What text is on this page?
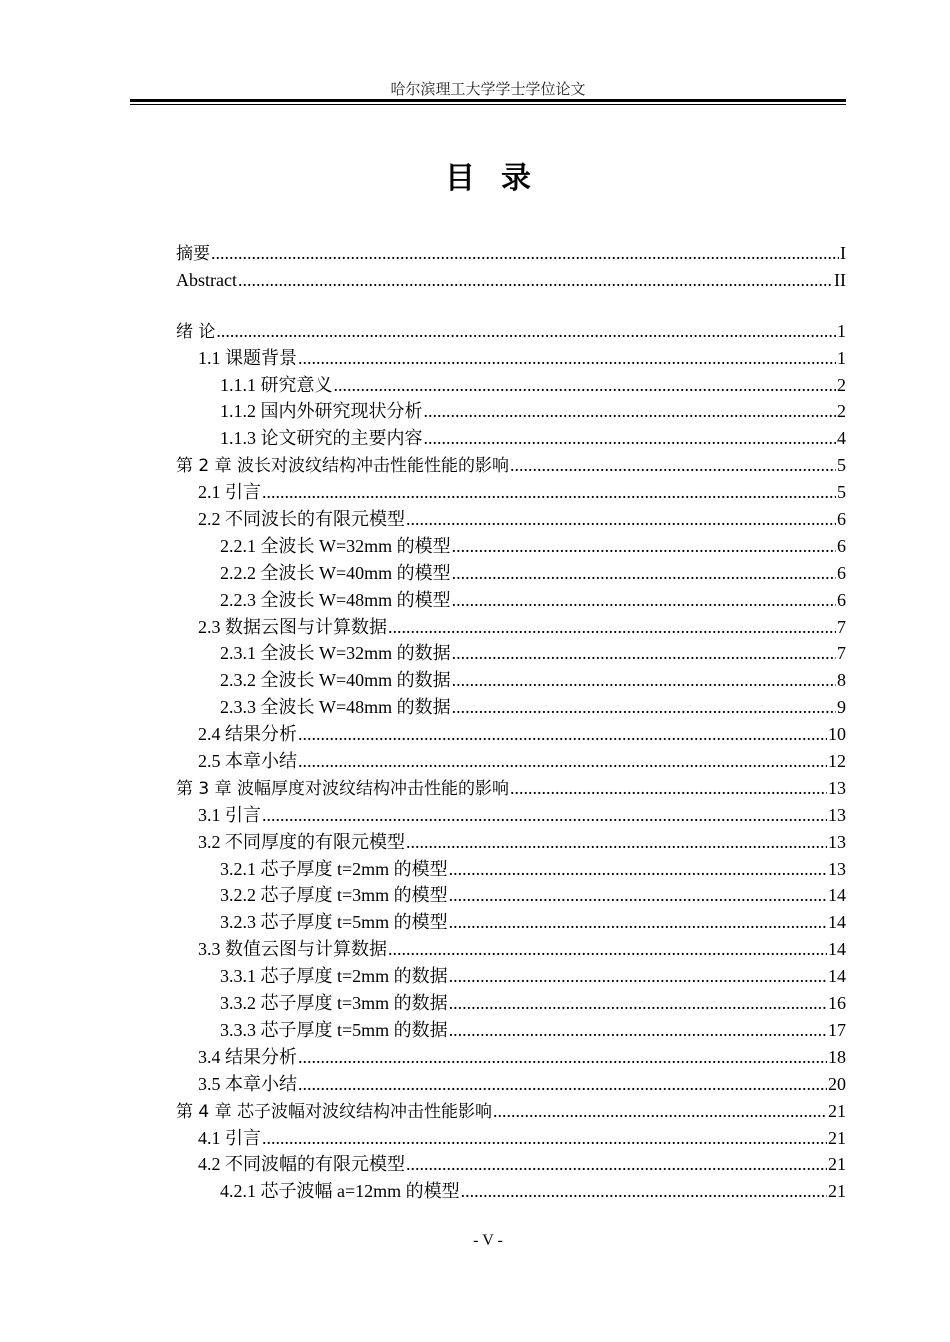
哈尔滨理工大学学士学位论文
目录
摘要 .....	I
Abstract .....	II
绪 论 .....	1
1.1 课题背景 .....	1
1.1.1 研究意义 .....	2
1.1.2 国内外研究现状分析 .....	2
1.1.3 论文研究的主要内容 .....	4
第 2 章 波长对波纹结构冲击性能性能的影响 .....	5
2.1 引言 .....	5
2.2 不同波长的有限元模型 .....	6
2.2.1 全波长 W=32mm 的模型 .....	6
2.2.2 全波长 W=40mm 的模型 .....	6
2.2.3 全波长 W=48mm 的模型 .....	6
2.3 数据云图与计算数据 .....	7
2.3.1 全波长 W=32mm 的数据 .....	7
2.3.2 全波长 W=40mm 的数据 .....	8
2.3.3 全波长 W=48mm 的数据 .....	9
2.4 结果分析 .....	10
2.5 本章小结 .....	12
第 3 章 波幅厚度对波纹结构冲击性能的影响 .....	13
3.1 引言 .....	13
3.2 不同厚度的有限元模型 .....	13
3.2.1 芯子厚度 t=2mm 的模型 .....	13
3.2.2 芯子厚度 t=3mm 的模型 .....	14
3.2.3 芯子厚度 t=5mm 的模型 .....	14
3.3 数值云图与计算数据 .....	14
3.3.1 芯子厚度 t=2mm 的数据 .....	14
3.3.2 芯子厚度 t=3mm 的数据 .....	16
3.3.3 芯子厚度 t=5mm 的数据 .....	17
3.4 结果分析 .....	18
3.5 本章小结 .....	20
第 4 章 芯子波幅对波纹结构冲击性能影响 .....	21
4.1 引言 .....	21
4.2 不同波幅的有限元模型 .....	21
4.2.1 芯子波幅 a=12mm 的模型 .....	21
- V -
